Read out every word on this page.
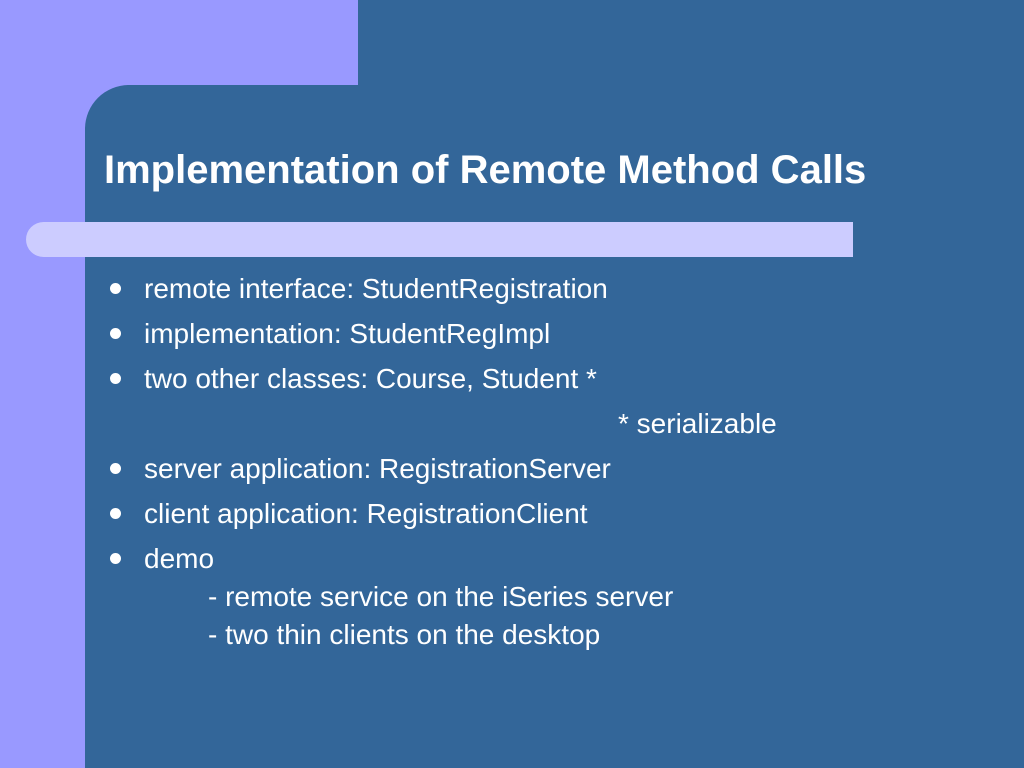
Implementation of Remote Method Calls
remote interface: StudentRegistration
implementation: StudentRegImpl
two other classes: Course, Student *
* serializable
server application: RegistrationServer
client application: RegistrationClient
demo
- remote service on the iSeries server
- two thin clients on the desktop
